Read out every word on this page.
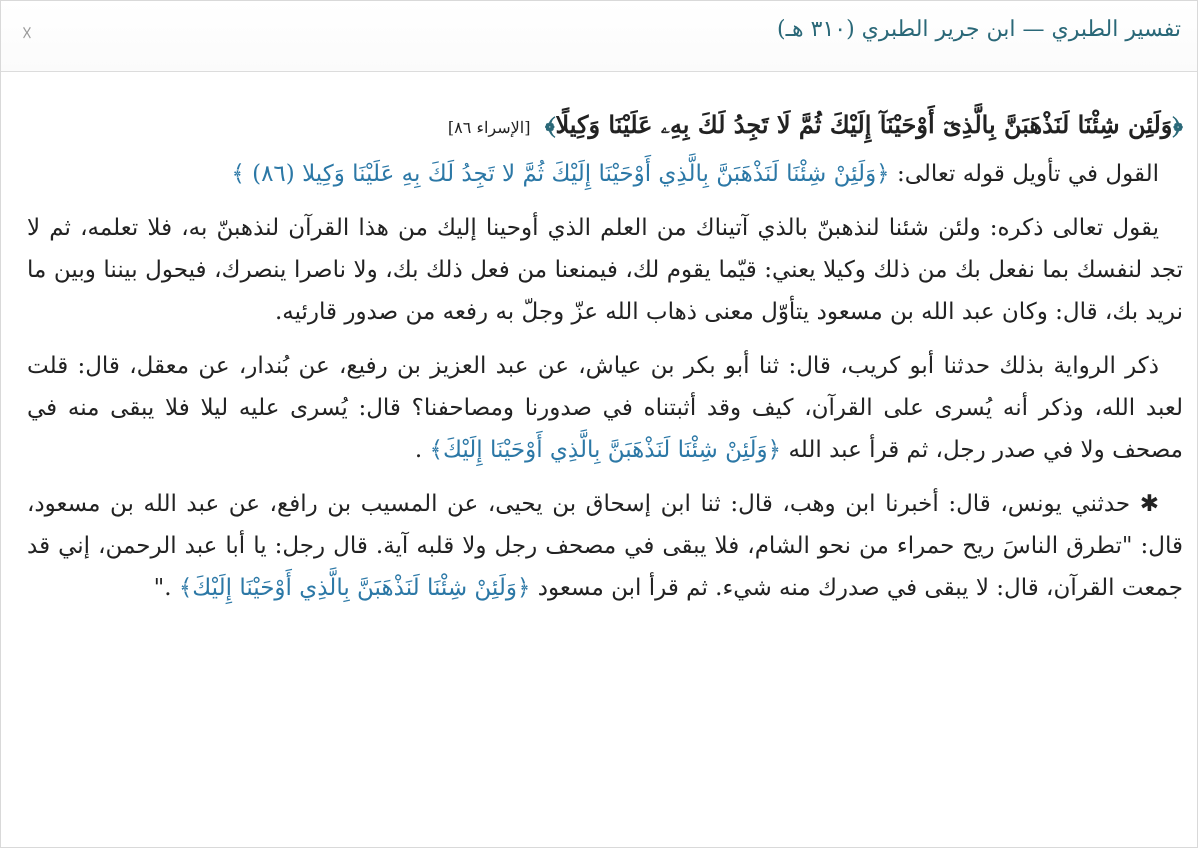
☓	تفسير الطبري — ابن جرير الطبري (٣١٠ هـ)
﴿وَلَئِن شِئْنَا لَنَذْهَبَنَّ بِالَّذِىٓ أَوْحَيْنَآ إِلَيْكَ ثُمَّ لَا تَجِدُ لَكَ بِهِۦ عَلَيْنَا وَكِيلًا﴾ [الإسراء ٨٦]

القول في تأويل قوله تعالى: ﴿وَلَئِنْ شِئْنَا لَنَذْهَبَنَّ بِالَّذِي أَوْحَيْنَا إِلَيْكَ ثُمَّ لا تَجِدُ لَكَ بِهِ عَلَيْنَا وَكِيلا (٨٦) ﴾

يقول تعالى ذكره: ولئن شئنا لنذهبنّ بالذي آتيناك من العلم الذي أوحينا إليك من هذا القرآن لنذهبنّ به، فلا تعلمه، ثم لا تجد لنفسك بما نفعل بك من ذلك وكيلا يعني: قيّما يقوم لك، فيمنعنا من فعل ذلك بك، ولا ناصرا ينصرك، فيحول بيننا وبين ما نريد بك، قال: وكان عبد الله بن مسعود يتأوّل معنى ذهاب الله عزّ وجلّ به رفعه من صدور قارئيه.

ذكر الرواية بذلك حدثنا أبو كريب، قال: ثنا أبو بكر بن عياش، عن عبد العزيز بن رفيع، عن بُندار، عن معقل، قال: قلت لعبد الله، وذكر أنه يُسرى على القرآن، كيف وقد أثبتناه في صدورنا ومصاحفنا؟ قال: يُسرى عليه ليلا فلا يبقى منه في مصحف ولا في صدر رجل، ثم قرأ عبد الله ﴿وَلَئِنْ شِئْنَا لَنَذْهَبَنَّ بِالَّذِي أَوْحَيْنَا إِلَيْكَ﴾ .

✱ حدثني يونس، قال: أخبرنا ابن وهب، قال: ثنا ابن إسحاق بن يحيى، عن المسيب بن رافع، عن عبد الله بن مسعود، قال: "تطرق الناسَ ريح حمراء من نحو الشام، فلا يبقى في مصحف رجل ولا قلبه آية. قال رجل: يا أبا عبد الرحمن، إني قد جمعت القرآن، قال: لا يبقى في صدرك منه شيء. ثم قرأ ابن مسعود ﴿وَلَئِنْ شِئْنَا لَنَذْهَبَنَّ بِالَّذِي أَوْحَيْنَا إِلَيْكَ﴾ ."
